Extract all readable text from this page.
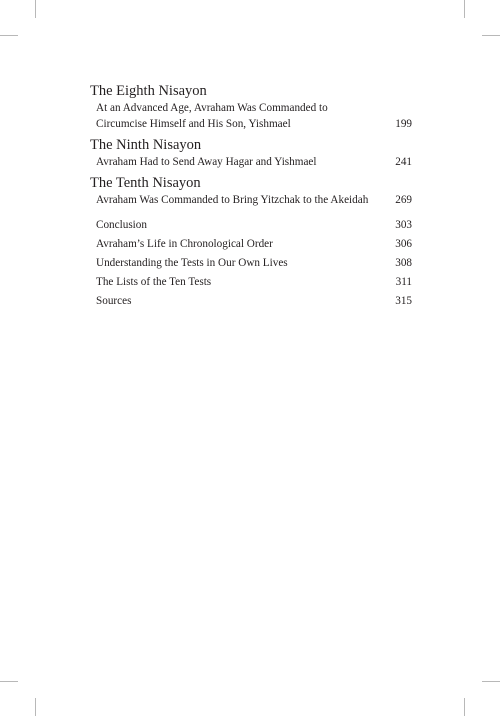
The Eighth Nisayon
At an Advanced Age, Avraham Was Commanded to
Circumcise Himself and His Son, Yishmael	199
The Ninth Nisayon
Avraham Had to Send Away Hagar and Yishmael	241
The Tenth Nisayon
Avraham Was Commanded to Bring Yitzchak to the Akeidah	269
Conclusion	303
Avraham’s Life in Chronological Order	306
Understanding the Tests in Our Own Lives	308
The Lists of the Ten Tests	311
Sources	315
